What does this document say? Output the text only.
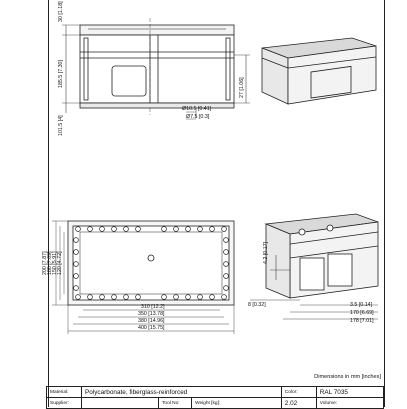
30 [1.18]
185.5 [7.30]
101.5 [4]
27 [1.06]
Ø10.5 [0.41]
Ø7.5 [0.3]
4.2 [0.17]
200 [7.87] 180 [7.09] 150 [5.91] 120 [4.72]
310 [12.2]
350 [13.78]
380 [14.96]
400 [15.75]
8 [0.32]	3.5 [0.14]
170 [6.69]
178 [7.01]
Dimensions in mm [inches]
Material:	Polycarbonate, fiberglass-reinforced			Color:	RAL 7035
Supplier:		Tool No:	Weight [kg]:	2.02	Volume:
